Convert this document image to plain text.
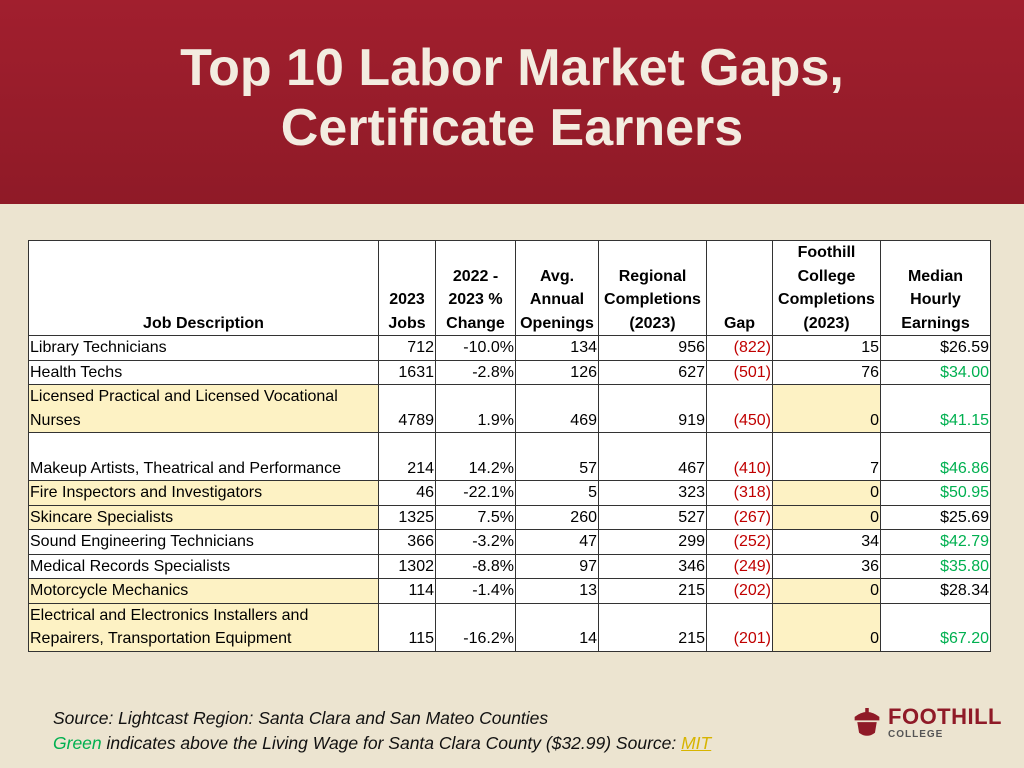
Top 10 Labor Market Gaps,
Certificate Earners
Job Description	2023 Jobs	2022 - 2023 % Change	Avg. Annual Openings	Regional Completions (2023)	Gap	Foothill College Completions (2023)	Median Hourly Earnings
Library Technicians	712	-10.0%	134	956	(822)	15	$26.59
Health Techs	1631	-2.8%	126	627	(501)	76	$34.00
Licensed Practical and Licensed Vocational Nurses	4789	1.9%	469	919	(450)	0	$41.15
Makeup Artists, Theatrical and Performance	214	14.2%	57	467	(410)	7	$46.86
Fire Inspectors and Investigators	46	-22.1%	5	323	(318)	0	$50.95
Skincare Specialists	1325	7.5%	260	527	(267)	0	$25.69
Sound Engineering Technicians	366	-3.2%	47	299	(252)	34	$42.79
Medical Records Specialists	1302	-8.8%	97	346	(249)	36	$35.80
Motorcycle Mechanics	114	-1.4%	13	215	(202)	0	$28.34
Electrical and Electronics Installers and Repairers, Transportation Equipment	115	-16.2%	14	215	(201)	0	$67.20
Source: Lightcast Region: Santa Clara and San Mateo Counties
Green indicates above the Living Wage for Santa Clara County ($32.99) Source: MIT
FOOTHILL
COLLEGE
